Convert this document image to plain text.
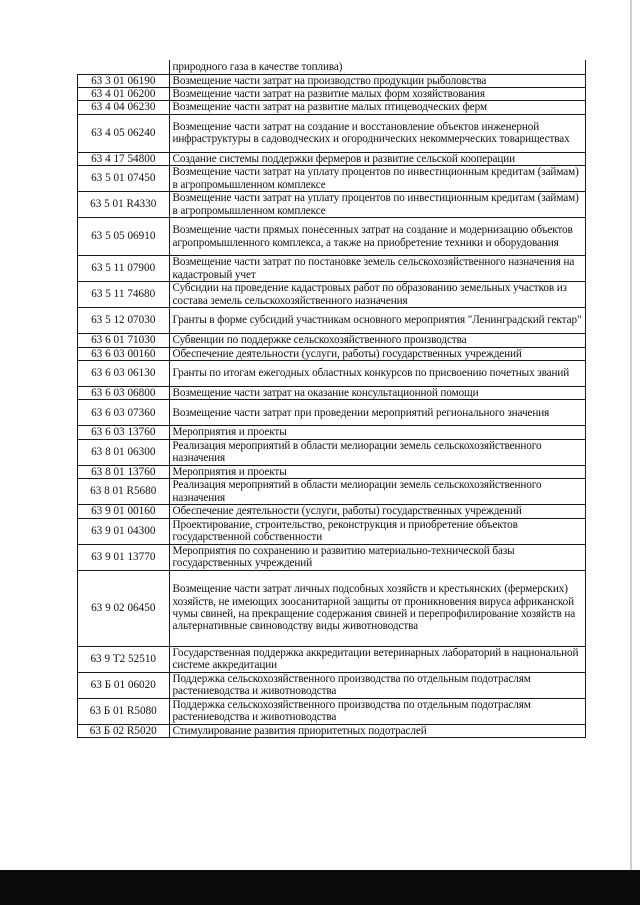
	природного газа в качестве топлива)
63 3 01 06190	Возмещение части затрат на производство продукции рыболовства
63 4 01 06200	Возмещение части затрат на развитие малых форм хозяйствования
63 4 04 06230	Возмещение части затрат на развитие малых птицеводческих ферм
63 4 05 06240	Возмещение части затрат на создание и восстановление объектов инженерной инфраструктуры в садоводческих и огороднических некоммерческих товариществах
63 4 17 54800	Создание системы поддержки фермеров и развитие сельской кооперации
63 5 01 07450	Возмещение части затрат на уплату процентов по инвестиционным кредитам (займам) в агропромышленном комплексе
63 5 01 R4330	Возмещение части затрат на уплату процентов по инвестиционным кредитам (займам) в агропромышленном комплексе
63 5 05 06910	Возмещение части прямых понесенных затрат на создание и модернизацию объектов агропромышленного комплекса, а также на приобретение техники и оборудования
63 5 11 07900	Возмещение части затрат по постановке земель сельскохозяйственного назначения на кадастровый учет
63 5 11 74680	Субсидии на проведение кадастровых работ по образованию земельных участков из состава земель сельскохозяйственного назначения
63 5 12 07030	Гранты в форме субсидий участникам основного мероприятия "Ленинградский гектар"
63 6 01 71030	Субвенции по поддержке сельскохозяйственного производства
63 6 03 00160	Обеспечение деятельности (услуги, работы) государственных учреждений
63 6 03 06130	Гранты по итогам ежегодных областных конкурсов по присвоению почетных званий
63 6 03 06800	Возмещение части затрат на оказание консультационной помощи
63 6 03 07360	Возмещение части затрат при проведении мероприятий регионального значения
63 6 03 13760	Мероприятия и проекты
63 8 01 06300	Реализация мероприятий в области мелиорации земель сельскохозяйственного назначения
63 8 01 13760	Мероприятия и проекты
63 8 01 R5680	Реализация мероприятий в области мелиорации земель сельскохозяйственного назначения
63 9 01 00160	Обеспечение деятельности (услуги, работы) государственных учреждений
63 9 01 04300	Проектирование, строительство, реконструкция и приобретение объектов государственной собственности
63 9 01 13770	Мероприятия по сохранению и развитию материально-технической базы государственных учреждений
63 9 02 06450	Возмещение части затрат личных подсобных хозяйств и крестьянских (фермерских) хозяйств, не имеющих зоосанитарной защиты от проникновения вируса африканской чумы свиней, на прекращение содержания свиней и перепрофилирование хозяйств на альтернативные свиноводству виды животноводства
63 9 Т2 52510	Государственная поддержка аккредитации ветеринарных лабораторий в национальной системе аккредитации
63 Б 01 06020	Поддержка сельскохозяйственного производства по отдельным подотраслям растениеводства и животноводства
63 Б 01 R5080	Поддержка сельскохозяйственного производства по отдельным подотраслям растениеводства и животноводства
63 Б 02 R5020	Стимулирование развития приоритетных подотраслей
